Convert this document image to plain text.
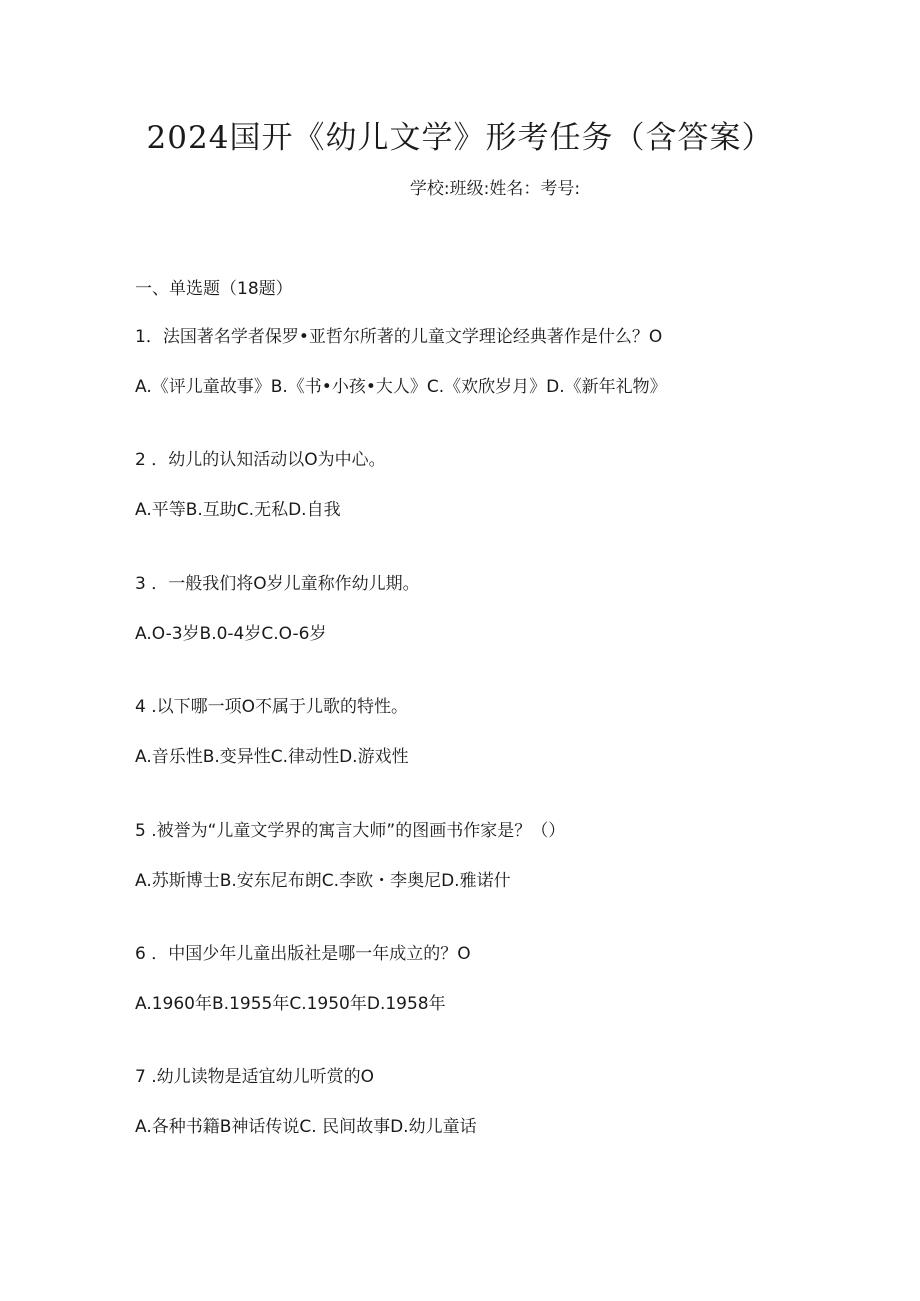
2024国开《幼儿文学》形考任务（含答案）
学校:班级:姓名：考号:
一、单选题（18题）
1．法国著名学者保罗•亚哲尔所著的儿童文学理论经典著作是什么？O
A.《评儿童故事》B.《书•小孩•大人》C.《欢欣岁月》D.《新年礼物》
2 ．幼儿的认知活动以O为中心。
A.平等B.互助C.无私D.自我
3 ．一般我们将O岁儿童称作幼儿期。
A.O-3岁B.0-4岁C.O-6岁
4 .以下哪一项O不属于儿歌的特性。
A.音乐性B.变异性C.律动性D.游戏性
5 .被誉为“儿童文学界的寓言大师”的图画书作家是？（）
A.苏斯博士B.安东尼布朗C.李欧・李奥尼D.雅诺什
6 ．中国少年儿童出版社是哪一年成立的？O
A.1960年B.1955年C.1950年D.1958年
7 .幼儿读物是适宜幼儿听赏的O
A.各种书籍B神话传说C. 民间故事D.幼儿童话
